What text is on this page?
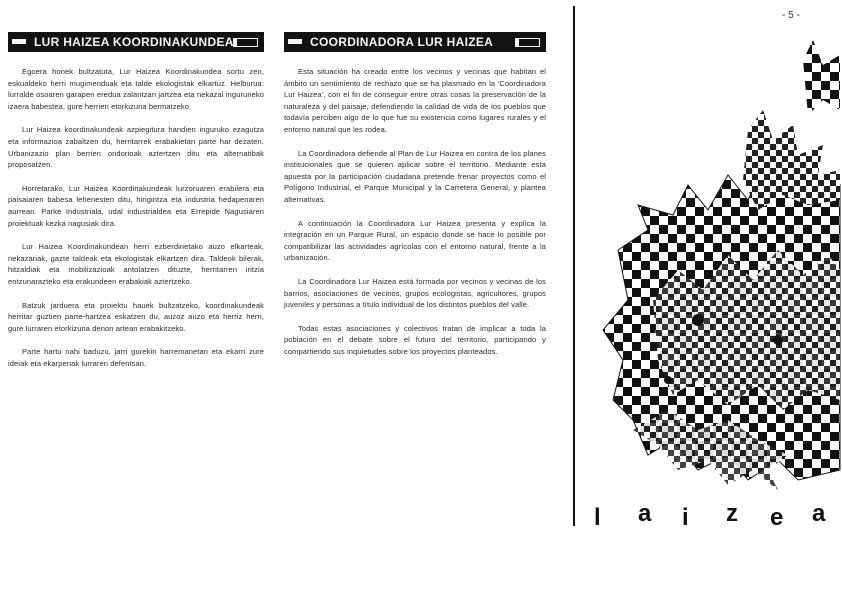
LUR HAIZEA KOORDINAKUNDEA

Egoera honek bultzatuta, Lur Haizea Koordinakundea sortu zen, eskualdeko herri mugimenduak eta talde ekologistak elkartuz. Helburua: lurralde osoaren garapen eredua zalantzan jartzea eta nekazal inguruneko izaera babestea, gure herrien etorkizuna bermatzeko.

Lur Haizea koordinakundeak azpiegitura handien inguruko ezagutza eta informazioa zabaltzen du, herritarrek erabakietan parte har dezaten. Urbanizazio plan berrien ondorioak aztertzen ditu eta alternatibak proposatzen.

Horretarako, Lur Haizea Koordinakundeak lurzoruaren erabilera eta paisaiaren babesa lehenesten ditu, hirigintza eta industria hedapenaren aurrean. Parke Industriala, udal industrialdea eta Errepide Nagusiaren proiektuak kezka nagusiak dira.

Lur Haizea Koordinakundean herri ezberdinetako auzo elkarteak, nekazariak, gazte taldeak eta ekologistak elkartzen dira. Taldeok bilerak, hitzaldiak eta mobilizazioak antolatzen dituzte, herritarren iritzia entzunarazteko eta erakundeen erabakiak aztertzeko.

Batzuk jarduera eta proiektu hauek bultzatzeko, koordinakundeak herritar guztien parte-hartzea eskatzen du, auzoz auzo eta herriz herri, gure lurraren etorkizuna denon artean erabakitzeko.

Parte hartu nahi baduzu, jarri gurekin harremanetan eta ekarri zure ideiak eta ekarpenak lurraren defentsan.

COORDINADORA LUR HAIZEA

Esta situación ha creado entre los vecinos y vecinas que habitan el ámbito un sentimiento de rechazo que se ha plasmado en la 'Coordinadora Lur Haizea', con el fin de conseguir entre otras cosas la preservación de la naturaleza y del paisaje, defendiendo la calidad de vida de los pueblos que todavía perciben algo de lo que fue su existencia como lugares rurales y el entorno natural que les rodea.

La Coordinadora defiende al Plan de Lur Haizea en contra de los planes institucionales que se quieren aplicar sobre el territorio. Mediante esta apuesta por la participación ciudadana pretende frenar proyectos como el Polígono Industrial, el Parque Municipal y la Carretera General, y plantea alternativas.

A continuación la Coordinadora Lur Haizea presenta y explica la integración en un Parque Rural, un espacio donde se hace lo posible por compatibilizar las actividades agrícolas con el entorno natural, frente a la urbanización.

La Coordinadora Lur Haizea está formada por vecinos y vecinas de los barrios, asociaciones de vecinos, grupos ecologistas, agricultores, grupos juveniles y personas a título individual de los distintos pueblos del valle.

Todas estas asociaciones y colectivos tratan de implicar a toda la población en el debate sobre el futuro del territorio, participando y compartiendo sus inquietudes sobre los proyectos planteados.

- 5 -
l a i z e a
